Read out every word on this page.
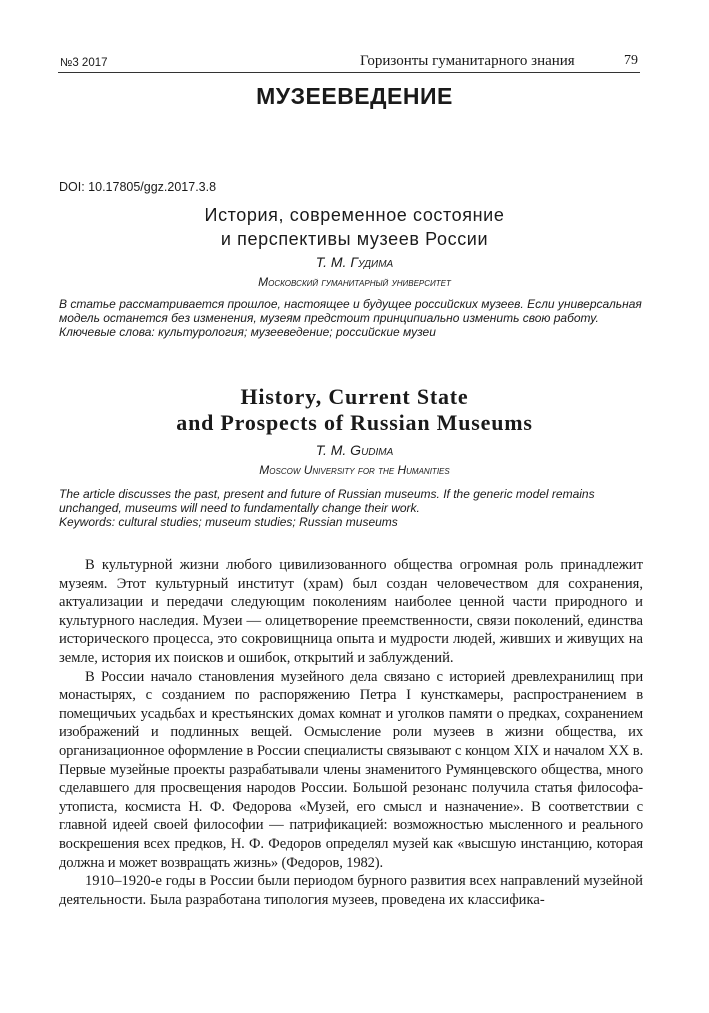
№3 2017	Горизонты гуманитарного знания	79
МУЗЕЕВЕДЕНИЕ
DOI: 10.17805/ggz.2017.3.8
История, современное состояние
и перспективы музеев России
Т. М. Гудима
Московский гуманитарный университет

В статье рассматривается прошлое, настоящее и будущее российских музеев. Если универсальная модель останется без изменения, музеям предстоит принципиально изменить свою работу.

Ключевые слова: культурология; музееведение; российские музеи

History, Current State
and Prospects of Russian Museums
T. M. Gudima
Moscow University for the Humanities

The article discusses the past, present and future of Russian museums. If the generic model remains unchanged, museums will need to fundamentally change their work.

Keywords: cultural studies; museum studies; Russian museums

В культурной жизни любого цивилизованного общества огромная роль принадлежит музеям. Этот культурный институт (храм) был создан человечеством для сохранения, актуализации и передачи следующим поколениям наиболее ценной части природного и культурного наследия. Музеи — олицетворение преемственности, связи поколений, единства исторического процесса, это сокровищница опыта и мудрости людей, живших и живущих на земле, история их поисков и ошибок, открытий и заблуждений.

В России начало становления музейного дела связано с историей древлехранилищ при монастырях, с созданием по распоряжению Петра I кунсткамеры, распространением в помещичьих усадьбах и крестьянских домах комнат и уголков памяти о предках, сохранением изображений и подлинных вещей. Осмысление роли музеев в жизни общества, их организационное оформление в России специалисты связывают с концом XIX и началом XX в. Первые музейные проекты разрабатывали члены знаменитого Румянцевского общества, много сделавшего для просвещения народов России. Большой резонанс получила статья философа-утописта, космиста Н. Ф. Федорова «Музей, его смысл и назначение». В соответствии с главной идеей своей философии — патрификацией: возможностью мысленного и реального воскрешения всех предков, Н. Ф. Федоров определял музей как «высшую инстанцию, которая должна и может возвращать жизнь» (Федоров, 1982).

1910–1920-е годы в России были периодом бурного развития всех направлений музейной деятельности. Была разработана типология музеев, проведена их классифика-
